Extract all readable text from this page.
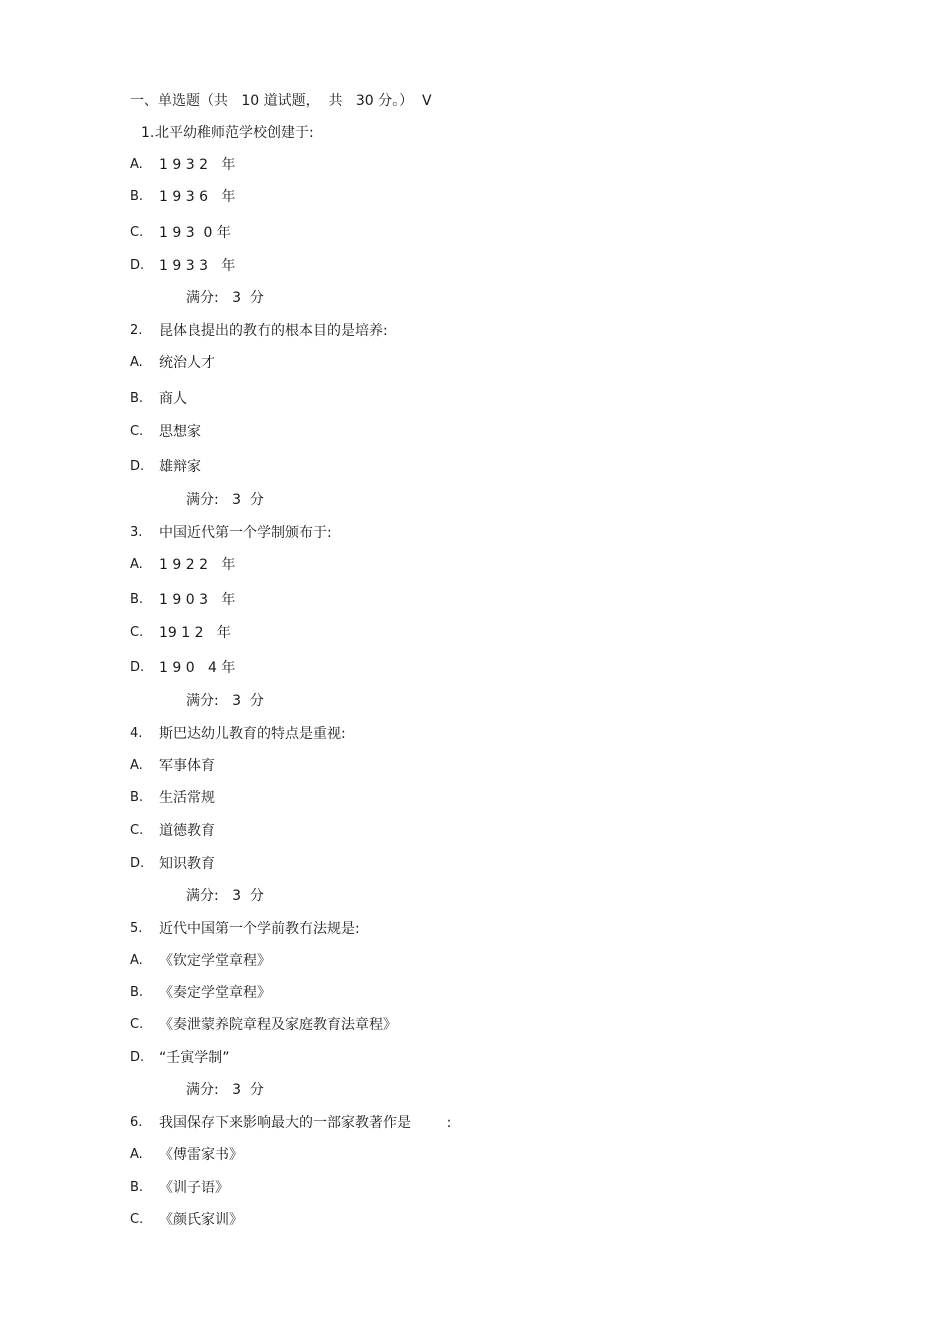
一、单选题（共   10 道试题，  共   30 分。）  V
1. 北平幼稚师范学校创建于:
A. 1 9 3 2   年
B. 1 9 3 6   年
C. 1 9 3  0 年
D. 1 9 3 3   年
满分:   3  分
2. 昆体良提出的教冇的根本目的是培养:
A. 统治人才
B. 商人
C. 思想家
D. 雄辩家
满分:   3  分
3. 中国近代第一个学制颁布于:
A. 1 9 2 2   年
B. 1 9 0 3   年
C. 19 1 2   年
D. 1 9 0   4 年
满分:   3  分
4. 斯巴达幼儿教育的特点是重视:
A. 军事体育
B. 生活常规
C. 道德教育
D. 知识教育
满分:   3  分
5. 近代中国第一个学前教冇法规是:
A. 《钦定学堂章程》
B. 《奏定学堂章程》
C. 《奏泄蒙养院章程及家庭教育法章程》
D. “壬寅学制”
满分:   3  分
6. 我国保存下来影响最大的一部家教著作是        :
A. 《傅雷家书》
B. 《训子语》
C. 《颜氏家训》
